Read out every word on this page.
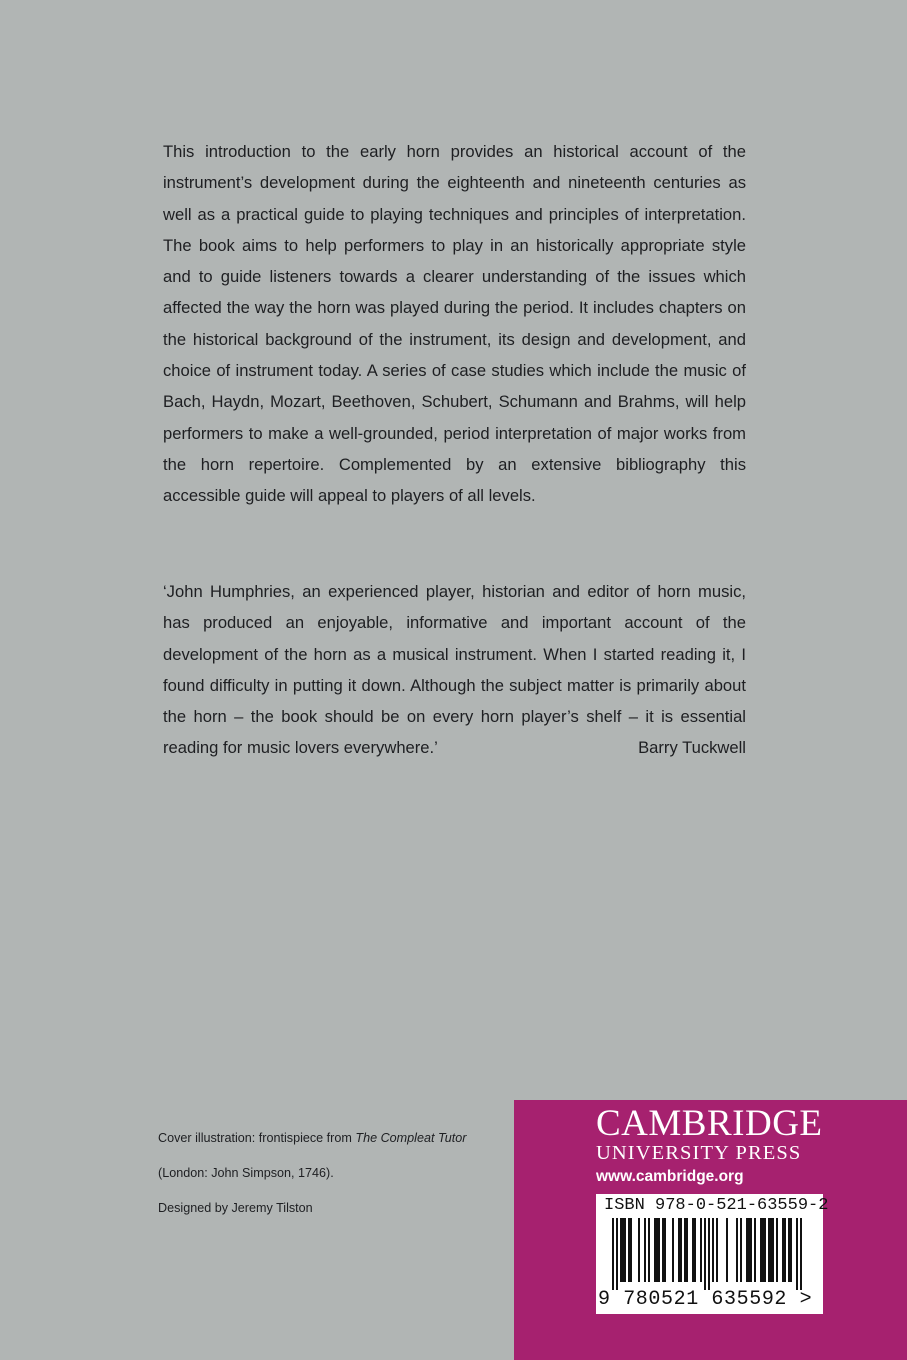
This introduction to the early horn provides an historical account of the instrument’s development during the eighteenth and nineteenth centuries as well as a practical guide to playing techniques and principles of interpretation. The book aims to help performers to play in an historically appropriate style and to guide listeners towards a clearer understanding of the issues which affected the way the horn was played during the period. It includes chapters on the historical background of the instrument, its design and development, and choice of instrument today. A series of case studies which include the music of Bach, Haydn, Mozart, Beethoven, Schubert, Schumann and Brahms, will help performers to make a well-grounded, period interpretation of major works from the horn repertoire. Complemented by an extensive bibliography this accessible guide will appeal to players of all levels.

‘John Humphries, an experienced player, historian and editor of horn music, has produced an enjoyable, informative and important account of the development of the horn as a musical instrument. When I started reading it, I found difficulty in putting it down. Although the subject matter is primarily about the horn – the book should be on every horn player’s shelf – it is essential reading for music lovers everywhere.’	Barry Tuckwell

Cover illustration: frontispiece from The Compleat Tutor

(London: John Simpson, 1746).

Designed by Jeremy Tilston

CAMBRIDGE
UNIVERSITY PRESS
www.cambridge.org
ISBN 978-0-521-63559-2
9 780521 635592 >
